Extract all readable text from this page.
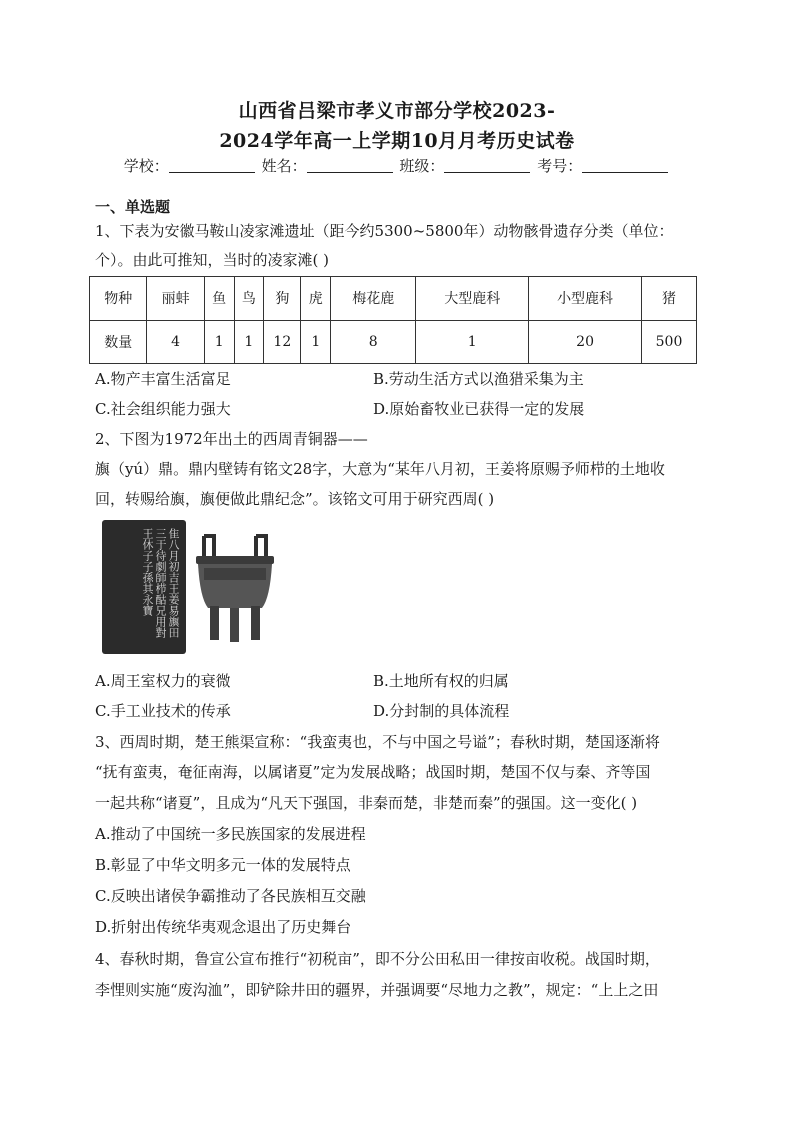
山西省吕梁市孝义市部分学校2023-
2024学年高一上学期10月月考历史试卷
学校：	姓名：	班级：	考号：
一、单选题
1、下表为安徽马鞍山凌家滩遗址（距今约5300~5800年）动物骸骨遗存分类（单位：
个）。由此可推知，当时的凌家滩( )
物种	丽蚌	鱼	鸟	狗	虎	梅花鹿	大型鹿科	小型鹿科	猪
数量	4	1	1	12	1	8	1	20	500
A.物产丰富生活富足	B.劳动生活方式以渔猎采集为主
C.社会组织能力强大	D.原始畜牧业已获得一定的发展
2、下图为1972年出土的西周青铜器——
旟（yú）鼎。鼎内壁铸有铭文28字，大意为“某年八月初，王姜将原赐予师栉的土地收
回，转赐给旟，旟便做此鼎纪念”。该铭文可用于研究西周( )
隹八月初吉王姜易旟田三于待劇師栉酤兄用對王休子子孫其永寶
A.周王室权力的衰微	B.土地所有权的归属
C.手工业技术的传承	D.分封制的具体流程
3、西周时期，楚王熊渠宣称：“我蛮夷也，不与中国之号谥”；春秋时期，楚国逐渐将
“抚有蛮夷，奄征南海，以属诸夏”定为发展战略；战国时期，楚国不仅与秦、齐等国
一起共称“诸夏”，且成为“凡天下强国，非秦而楚，非楚而秦”的强国。这一变化( )
A.推动了中国统一多民族国家的发展进程
B.彰显了中华文明多元一体的发展特点
C.反映出诸侯争霸推动了各民族相互交融
D.折射出传统华夷观念退出了历史舞台
4、春秋时期，鲁宣公宣布推行“初税亩”，即不分公田私田一律按亩收税。战国时期，
李悝则实施“废沟洫”，即铲除井田的疆界，并强调要“尽地力之教”，规定：“上上之田
